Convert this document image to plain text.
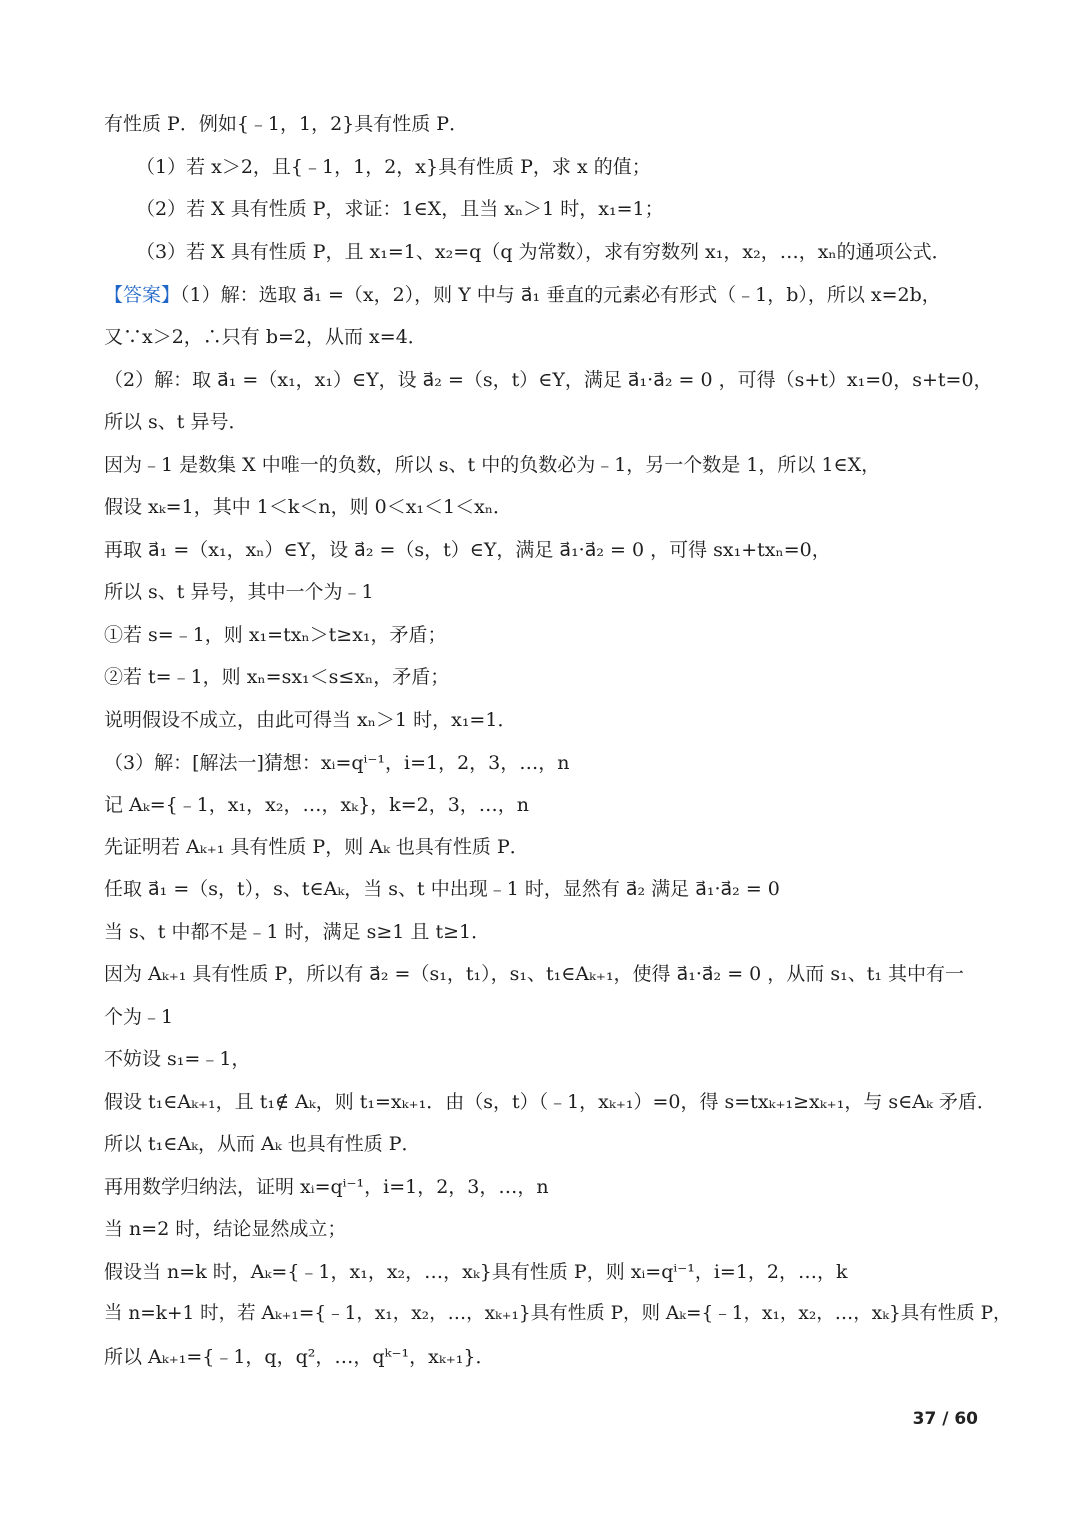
有性质 P．例如{﹣1，1，2}具有性质 P．
（1）若 x＞2，且{﹣1，1，2，x}具有性质 P，求 x 的值；
（2）若 X 具有性质 P，求证：1∈X，且当 xₙ＞1 时，x₁=1；
（3）若 X 具有性质 P，且 x₁=1、x₂=q（q 为常数），求有穷数列 x₁，x₂，…，xₙ的通项公式．
【答案】（1）解：选取 a⃗₁ =（x，2），则 Y 中与 a⃗₁ 垂直的元素必有形式（﹣1，b），所以 x=2b，
又∵x＞2，∴只有 b=2，从而 x=4．
（2）解：取 a⃗₁ =（x₁，x₁）∈Y，设 a⃗₂ =（s，t）∈Y，满足 a⃗₁·a⃗₂ = 0 ，可得（s+t）x₁=0，s+t=0，
所以 s、t 异号．
因为﹣1 是数集 X 中唯一的负数，所以 s、t 中的负数必为﹣1，另一个数是 1，所以 1∈X，
假设 xₖ=1，其中 1＜k＜n，则 0＜x₁＜1＜xₙ．
再取 a⃗₁ =（x₁，xₙ）∈Y，设 a⃗₂ =（s，t）∈Y，满足 a⃗₁·a⃗₂ = 0 ，可得 sx₁+txₙ=0，
所以 s、t 异号，其中一个为﹣1
①若 s=﹣1，则 x₁=txₙ＞t≥x₁，矛盾；
②若 t=﹣1，则 xₙ=sx₁＜s≤xₙ，矛盾；
说明假设不成立，由此可得当 xₙ＞1 时，x₁=1．
（3）解：[解法一]猜想：xᵢ=qⁱ⁻¹，i=1，2，3，…，n
记 Aₖ={﹣1，x₁，x₂，…，xₖ}，k=2，3，…，n
先证明若 Aₖ₊₁ 具有性质 P，则 Aₖ 也具有性质 P．
任取 a⃗₁ =（s，t），s、t∈Aₖ，当 s、t 中出现﹣1 时，显然有 a⃗₂ 满足 a⃗₁·a⃗₂ = 0
当 s、t 中都不是﹣1 时，满足 s≥1 且 t≥1．
因为 Aₖ₊₁ 具有性质 P，所以有 a⃗₂ =（s₁，t₁），s₁、t₁∈Aₖ₊₁，使得 a⃗₁·a⃗₂ = 0 ，从而 s₁、t₁ 其中有一
个为﹣1
不妨设 s₁=﹣1，
假设 t₁∈Aₖ₊₁，且 t₁∉ Aₖ，则 t₁=xₖ₊₁．由（s，t）（﹣1，xₖ₊₁）=0，得 s=txₖ₊₁≥xₖ₊₁，与 s∈Aₖ 矛盾．
所以 t₁∈Aₖ，从而 Aₖ 也具有性质 P．
再用数学归纳法，证明 xᵢ=qⁱ⁻¹，i=1，2，3，…，n
当 n=2 时，结论显然成立；
假设当 n=k 时，Aₖ={﹣1，x₁，x₂，…，xₖ}具有性质 P，则 xᵢ=qⁱ⁻¹，i=1，2，…，k
当 n=k+1 时，若 Aₖ₊₁={﹣1，x₁，x₂，…，xₖ₊₁}具有性质 P，则 Aₖ={﹣1，x₁，x₂，…，xₖ}具有性质 P，
所以 Aₖ₊₁={﹣1，q，q²，…，qᵏ⁻¹，xₖ₊₁}．
37 / 60
